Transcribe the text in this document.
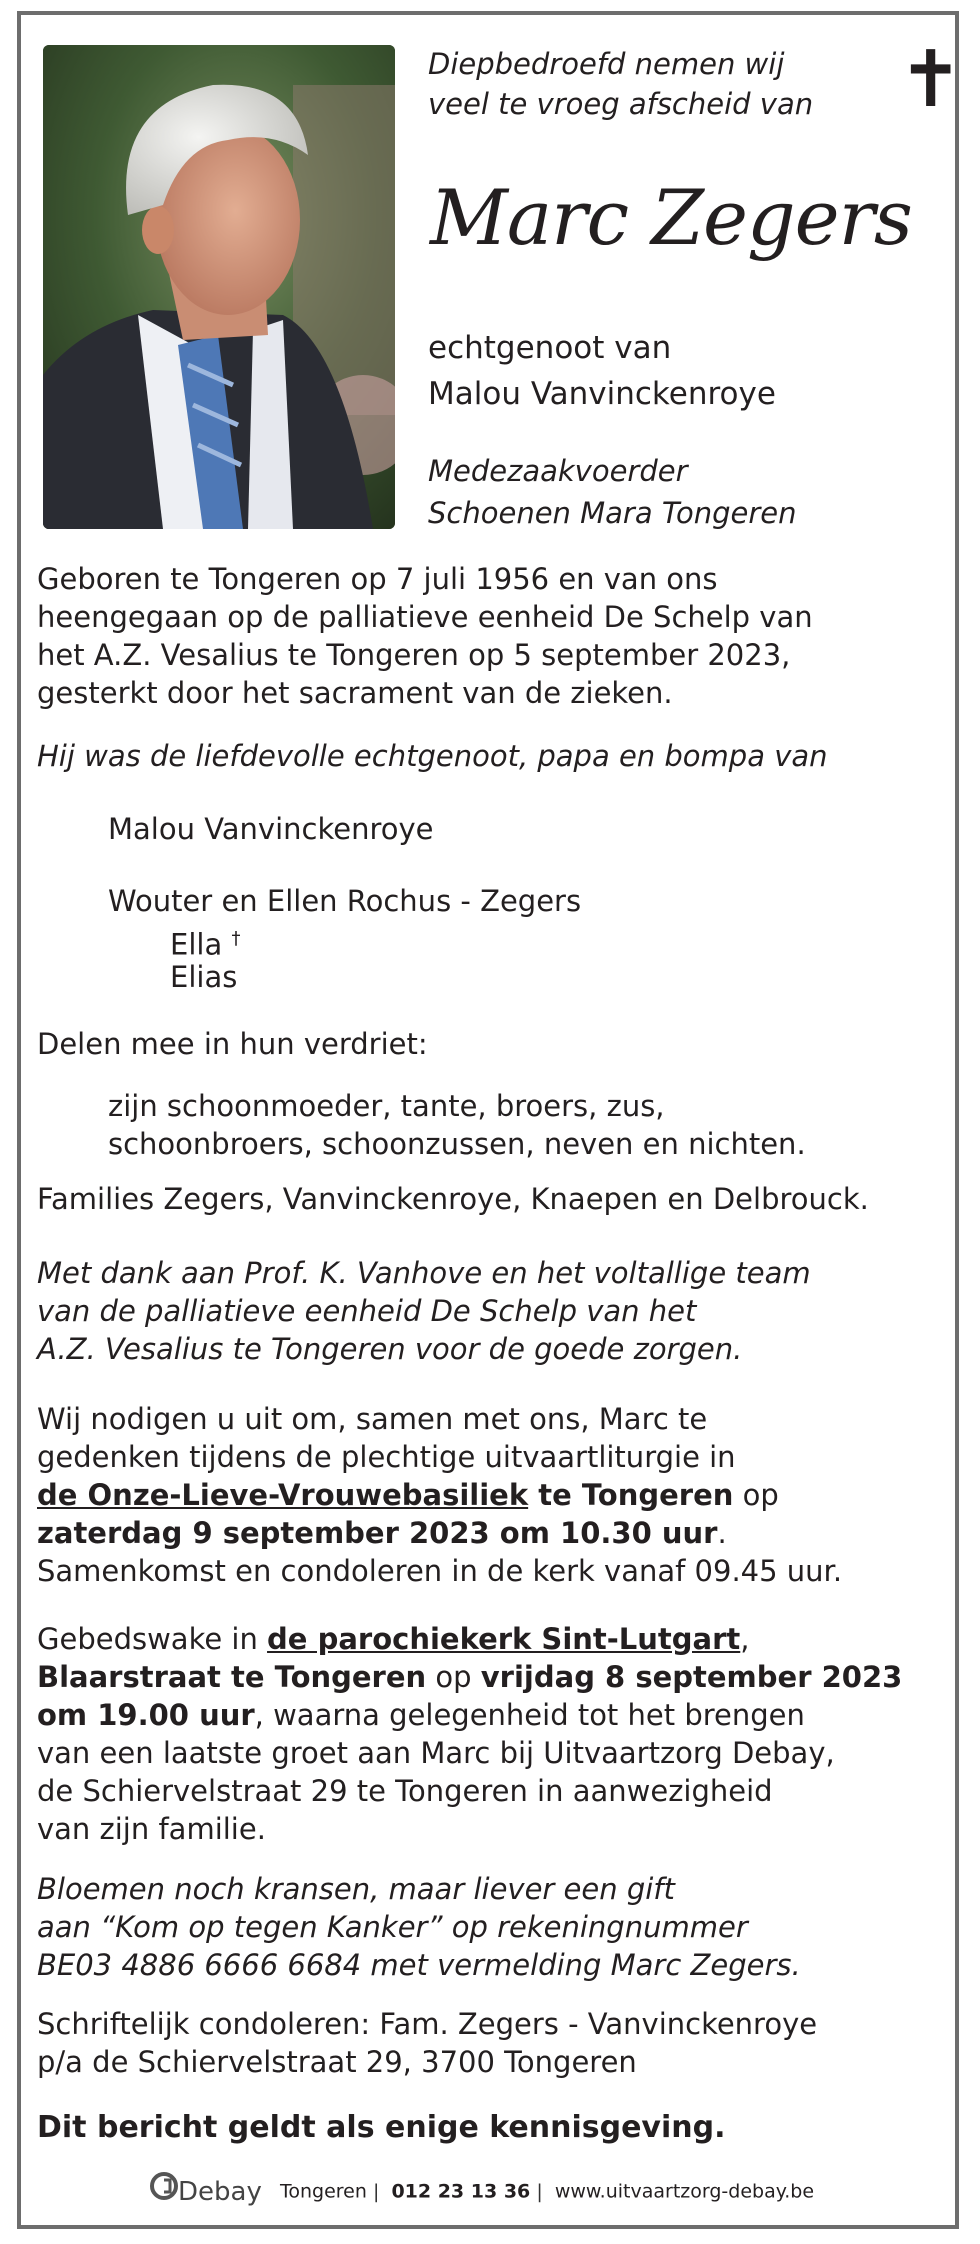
✝
Diepbedroefd nemen wij
veel te vroeg afscheid van
Marc Zegers
echtgenoot van
Malou Vanvinckenroye
Medezaakvoerder
Schoenen Mara Tongeren
Geboren te Tongeren op 7 juli 1956 en van ons
heengegaan op de palliatieve eenheid De Schelp van
het A.Z. Vesalius te Tongeren op 5 september 2023,
gesterkt door het sacrament van de zieken.
Hij was de liefdevolle echtgenoot, papa en bompa van
Malou Vanvinckenroye
Wouter en Ellen Rochus - Zegers
Ella †
Elias
Delen mee in hun verdriet:
zijn schoonmoeder, tante, broers, zus,
schoonbroers, schoonzussen, neven en nichten.
Families Zegers, Vanvinckenroye, Knaepen en Delbrouck.
Met dank aan Prof. K. Vanhove en het voltallige team
van de palliatieve eenheid De Schelp van het
A.Z. Vesalius te Tongeren voor de goede zorgen.
Wij nodigen u uit om, samen met ons, Marc te
gedenken tijdens de plechtige uitvaartliturgie in
de Onze-Lieve-Vrouwebasiliek te Tongeren op
zaterdag 9 september 2023 om 10.30 uur.
Samenkomst en condoleren in de kerk vanaf 09.45 uur.
Gebedswake in de parochiekerk Sint-Lutgart,
Blaarstraat te Tongeren op vrijdag 8 september 2023
om 19.00 uur, waarna gelegenheid tot het brengen
van een laatste groet aan Marc bij Uitvaartzorg Debay,
de Schiervelstraat 29 te Tongeren in aanwezigheid
van zijn familie.
Bloemen noch kransen, maar liever een gift
aan “Kom op tegen Kanker” op rekeningnummer
BE03 4886 6666 6684 met vermelding Marc Zegers.
Schriftelijk condoleren: Fam. Zegers - Vanvinckenroye
p/a de Schiervelstraat 29, 3700 Tongeren
Dit bericht geldt als enige kennisgeving.
Debay Tongeren | 012 23 13 36 | www.uitvaartzorg-debay.be
